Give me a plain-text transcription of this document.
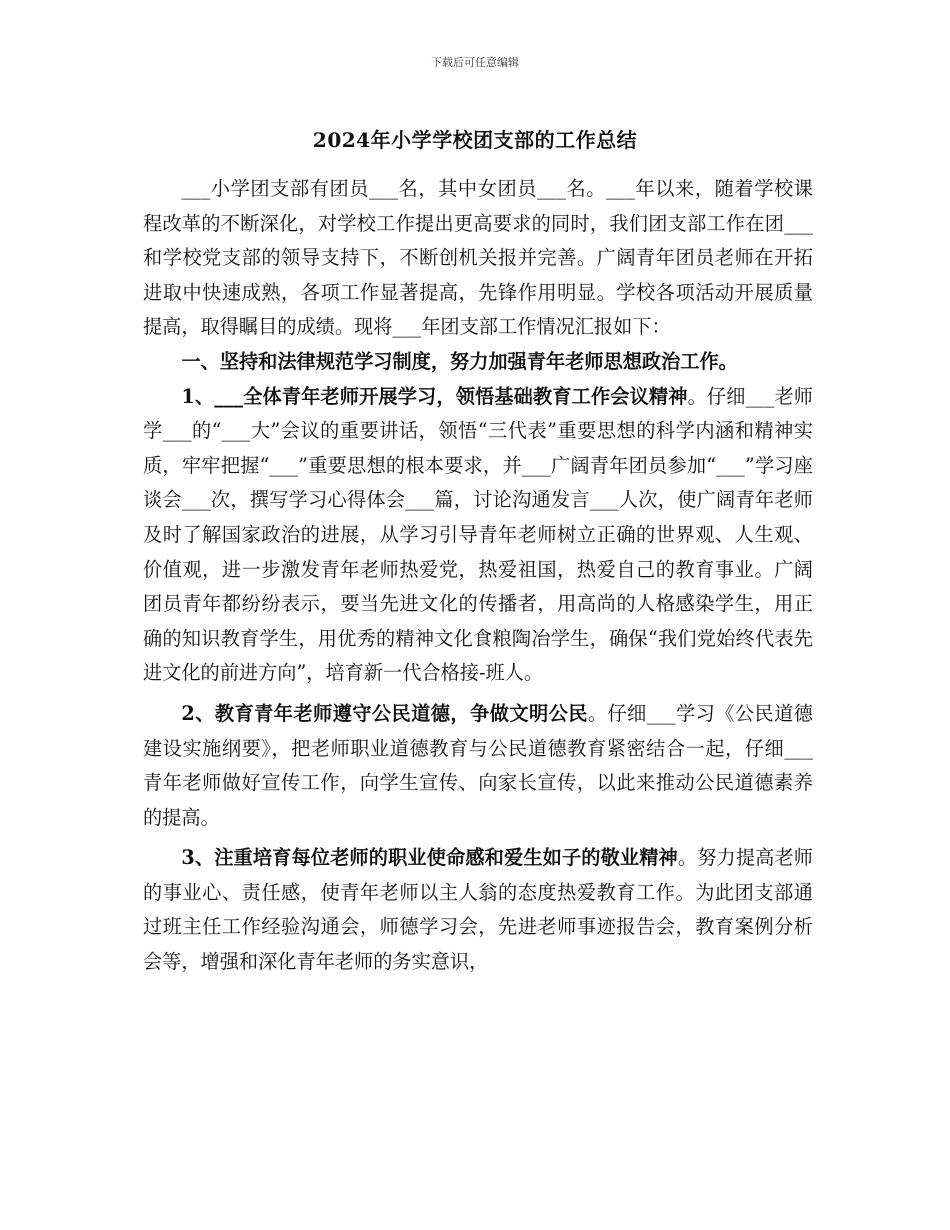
下载后可任意编辑
2024年小学学校团支部的工作总结

___小学团支部有团员___名，其中女团员___名。___年以来，随着学校课程改革的不断深化，对学校工作提出更高要求的同时，我们团支部工作在团___和学校党支部的领导支持下，不断创机关报并完善。广阔青年团员老师在开拓进取中快速成熟，各项工作显著提高，先锋作用明显。学校各项活动开展质量提高，取得瞩目的成绩。现将___年团支部工作情况汇报如下：

一、坚持和法律规范学习制度，努力加强青年老师思想政治工作。

1、___全体青年老师开展学习，领悟基础教育工作会议精神。仔细___老师学___的“___大”会议的重要讲话，领悟“三代表”重要思想的科学内涵和精神实质，牢牢把握“___”重要思想的根本要求，并___广阔青年团员参加“___”学习座谈会___次，撰写学习心得体会___篇，讨论沟通发言___人次，使广阔青年老师及时了解国家政治的进展，从学习引导青年老师树立正确的世界观、人生观、价值观，进一步激发青年老师热爱党，热爱祖国，热爱自己的教育事业。广阔团员青年都纷纷表示，要当先进文化的传播者，用高尚的人格感染学生，用正确的知识教育学生，用优秀的精神文化食粮陶冶学生，确保“我们党始终代表先进文化的前进方向”，培育新一代合格接-班人。

2、教育青年老师遵守公民道德，争做文明公民。仔细___学习《公民道德建设实施纲要》，把老师职业道德教育与公民道德教育紧密结合一起，仔细___青年老师做好宣传工作，向学生宣传、向家长宣传，以此来推动公民道德素养的提高。

3、注重培育每位老师的职业使命感和爱生如子的敬业精神。努力提高老师的事业心、责任感，使青年老师以主人翁的态度热爱教育工作。为此团支部通过班主任工作经验沟通会，师德学习会，先进老师事迹报告会，教育案例分析会等，增强和深化青年老师的务实意识，
